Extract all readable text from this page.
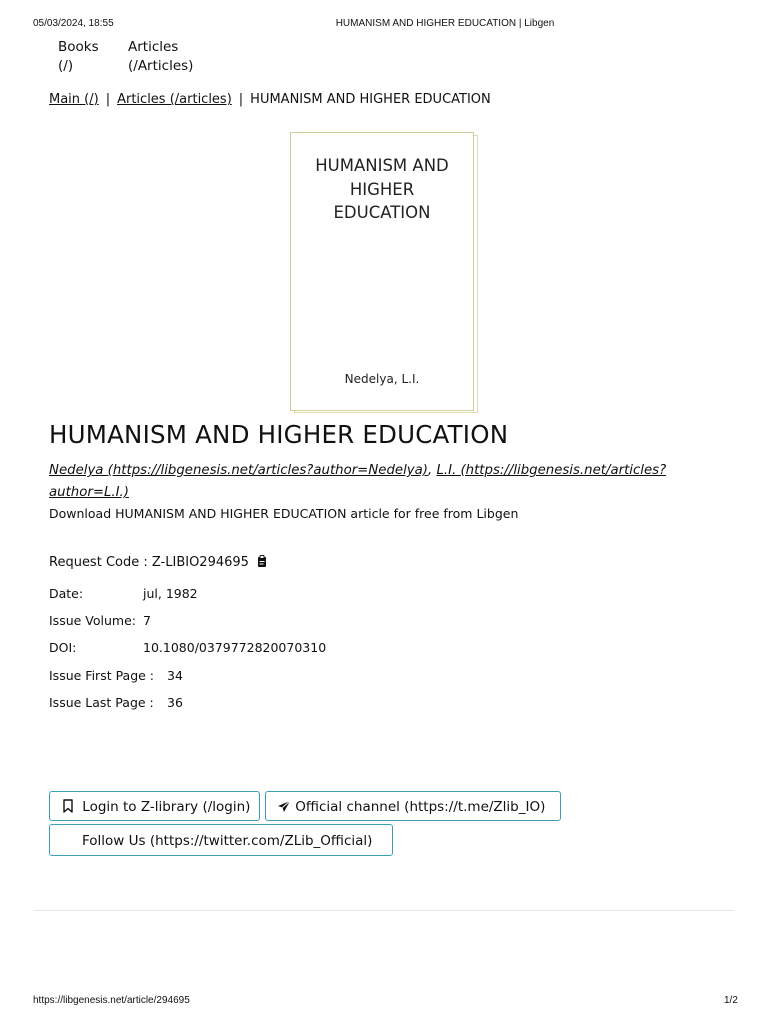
05/03/2024, 18:55	HUMANISM AND HIGHER EDUCATION | Libgen
Books
(/)
Articles
(/Articles)
Main (/) | Articles (/articles) | HUMANISM AND HIGHER EDUCATION
HUMANISM AND HIGHER EDUCATION
Nedelya, L.I.
HUMANISM AND HIGHER EDUCATION
Nedelya (https://libgenesis.net/articles?author=Nedelya), L.I. (https://libgenesis.net/articles?author=L.I.)
Download HUMANISM AND HIGHER EDUCATION article for free from Libgen
Request Code : Z-LIBIO294695
Date:	jul, 1982
Issue Volume: 7
DOI:	10.1080/0379772820070310
Issue First Page : 34
Issue Last Page : 36
Login to Z-library (/login)	Official channel (https://t.me/Zlib_IO)
Follow Us (https://twitter.com/ZLib_Official)
https://libgenesis.net/article/294695	1/2
